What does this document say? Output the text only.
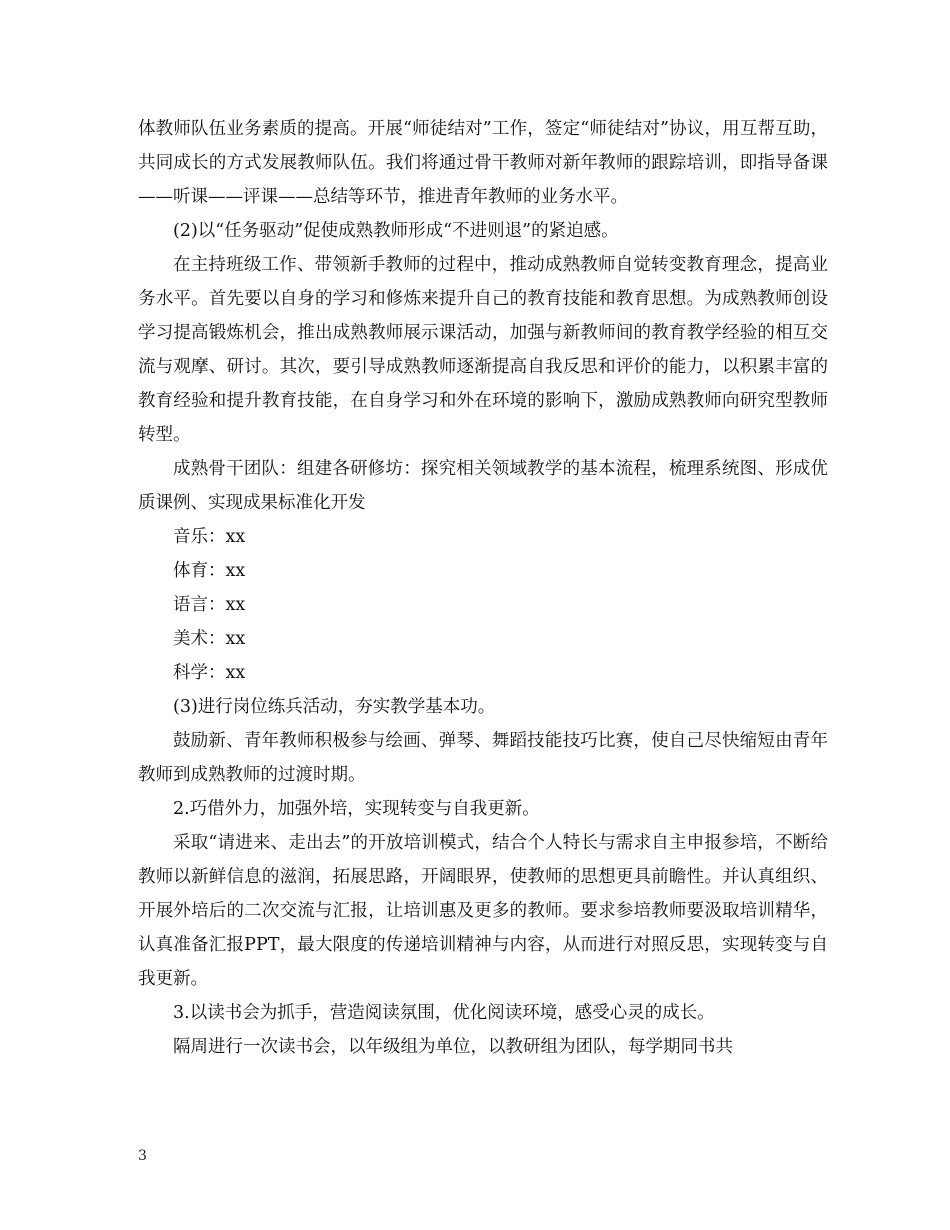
体教师队伍业务素质的提高。开展“师徒结对”工作，签定“师徒结对”协议，用互帮互助，共同成长的方式发展教师队伍。我们将通过骨干教师对新年教师的跟踪培训，即指导备课——听课——评课——总结等环节，推进青年教师的业务水平。

(2)以“任务驱动”促使成熟教师形成“不进则退”的紧迫感。

在主持班级工作、带领新手教师的过程中，推动成熟教师自觉转变教育理念，提高业务水平。首先要以自身的学习和修炼来提升自己的教育技能和教育思想。为成熟教师创设学习提高锻炼机会，推出成熟教师展示课活动，加强与新教师间的教育教学经验的相互交流与观摩、研讨。其次，要引导成熟教师逐渐提高自我反思和评价的能力，以积累丰富的教育经验和提升教育技能，在自身学习和外在环境的影响下，激励成熟教师向研究型教师转型。

成熟骨干团队：组建各研修坊：探究相关领域教学的基本流程，梳理系统图、形成优质课例、实现成果标准化开发

音乐：xx

体育：xx

语言：xx

美术：xx

科学：xx

(3)进行岗位练兵活动，夯实教学基本功。

鼓励新、青年教师积极参与绘画、弹琴、舞蹈技能技巧比赛，使自己尽快缩短由青年教师到成熟教师的过渡时期。

2.巧借外力，加强外培，实现转变与自我更新。

采取“请进来、走出去”的开放培训模式，结合个人特长与需求自主申报参培，不断给教师以新鲜信息的滋润，拓展思路，开阔眼界，使教师的思想更具前瞻性。并认真组织、开展外培后的二次交流与汇报，让培训惠及更多的教师。要求参培教师要汲取培训精华，认真准备汇报PPT，最大限度的传递培训精神与内容，从而进行对照反思，实现转变与自我更新。

3.以读书会为抓手，营造阅读氛围，优化阅读环境，感受心灵的成长。

隔周进行一次读书会，以年级组为单位，以教研组为团队，每学期同书共

3
